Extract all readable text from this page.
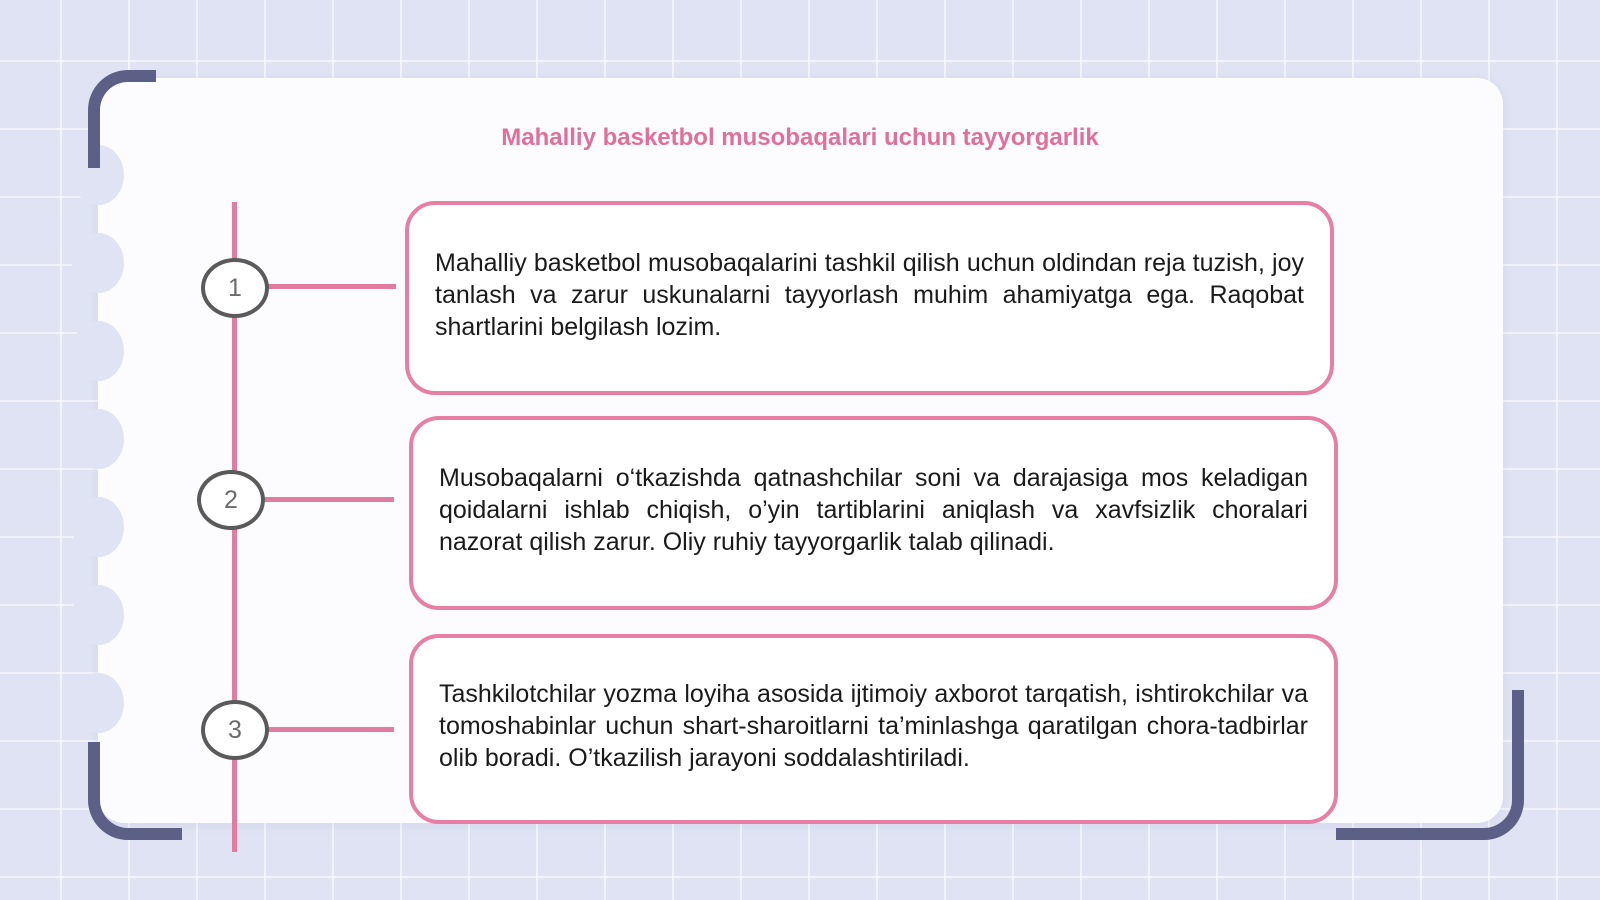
Mahalliy basketbol musobaqalari uchun tayyorgarlik
1
2
3

Mahalliy basketbol musobaqalarini tashkil qilish uchun oldindan reja tuzish, joy tanlash va zarur uskunalarni tayyorlash muhim ahamiyatga ega. Raqobat shartlarini belgilash lozim.

Musobaqalarni o‘tkazishda qatnashchilar soni va darajasiga mos keladigan qoidalarni ishlab chiqish, o’yin tartiblarini aniqlash va xavfsizlik choralari nazorat qilish zarur. Oliy ruhiy tayyorgarlik talab qilinadi.

Tashkilotchilar yozma loyiha asosida ijtimoiy axborot tarqatish, ishtirokchilar va tomoshabinlar uchun shart-sharoitlarni ta’minlashga qaratilgan chora-tadbirlar olib boradi. O’tkazilish jarayoni soddalashtiriladi.
